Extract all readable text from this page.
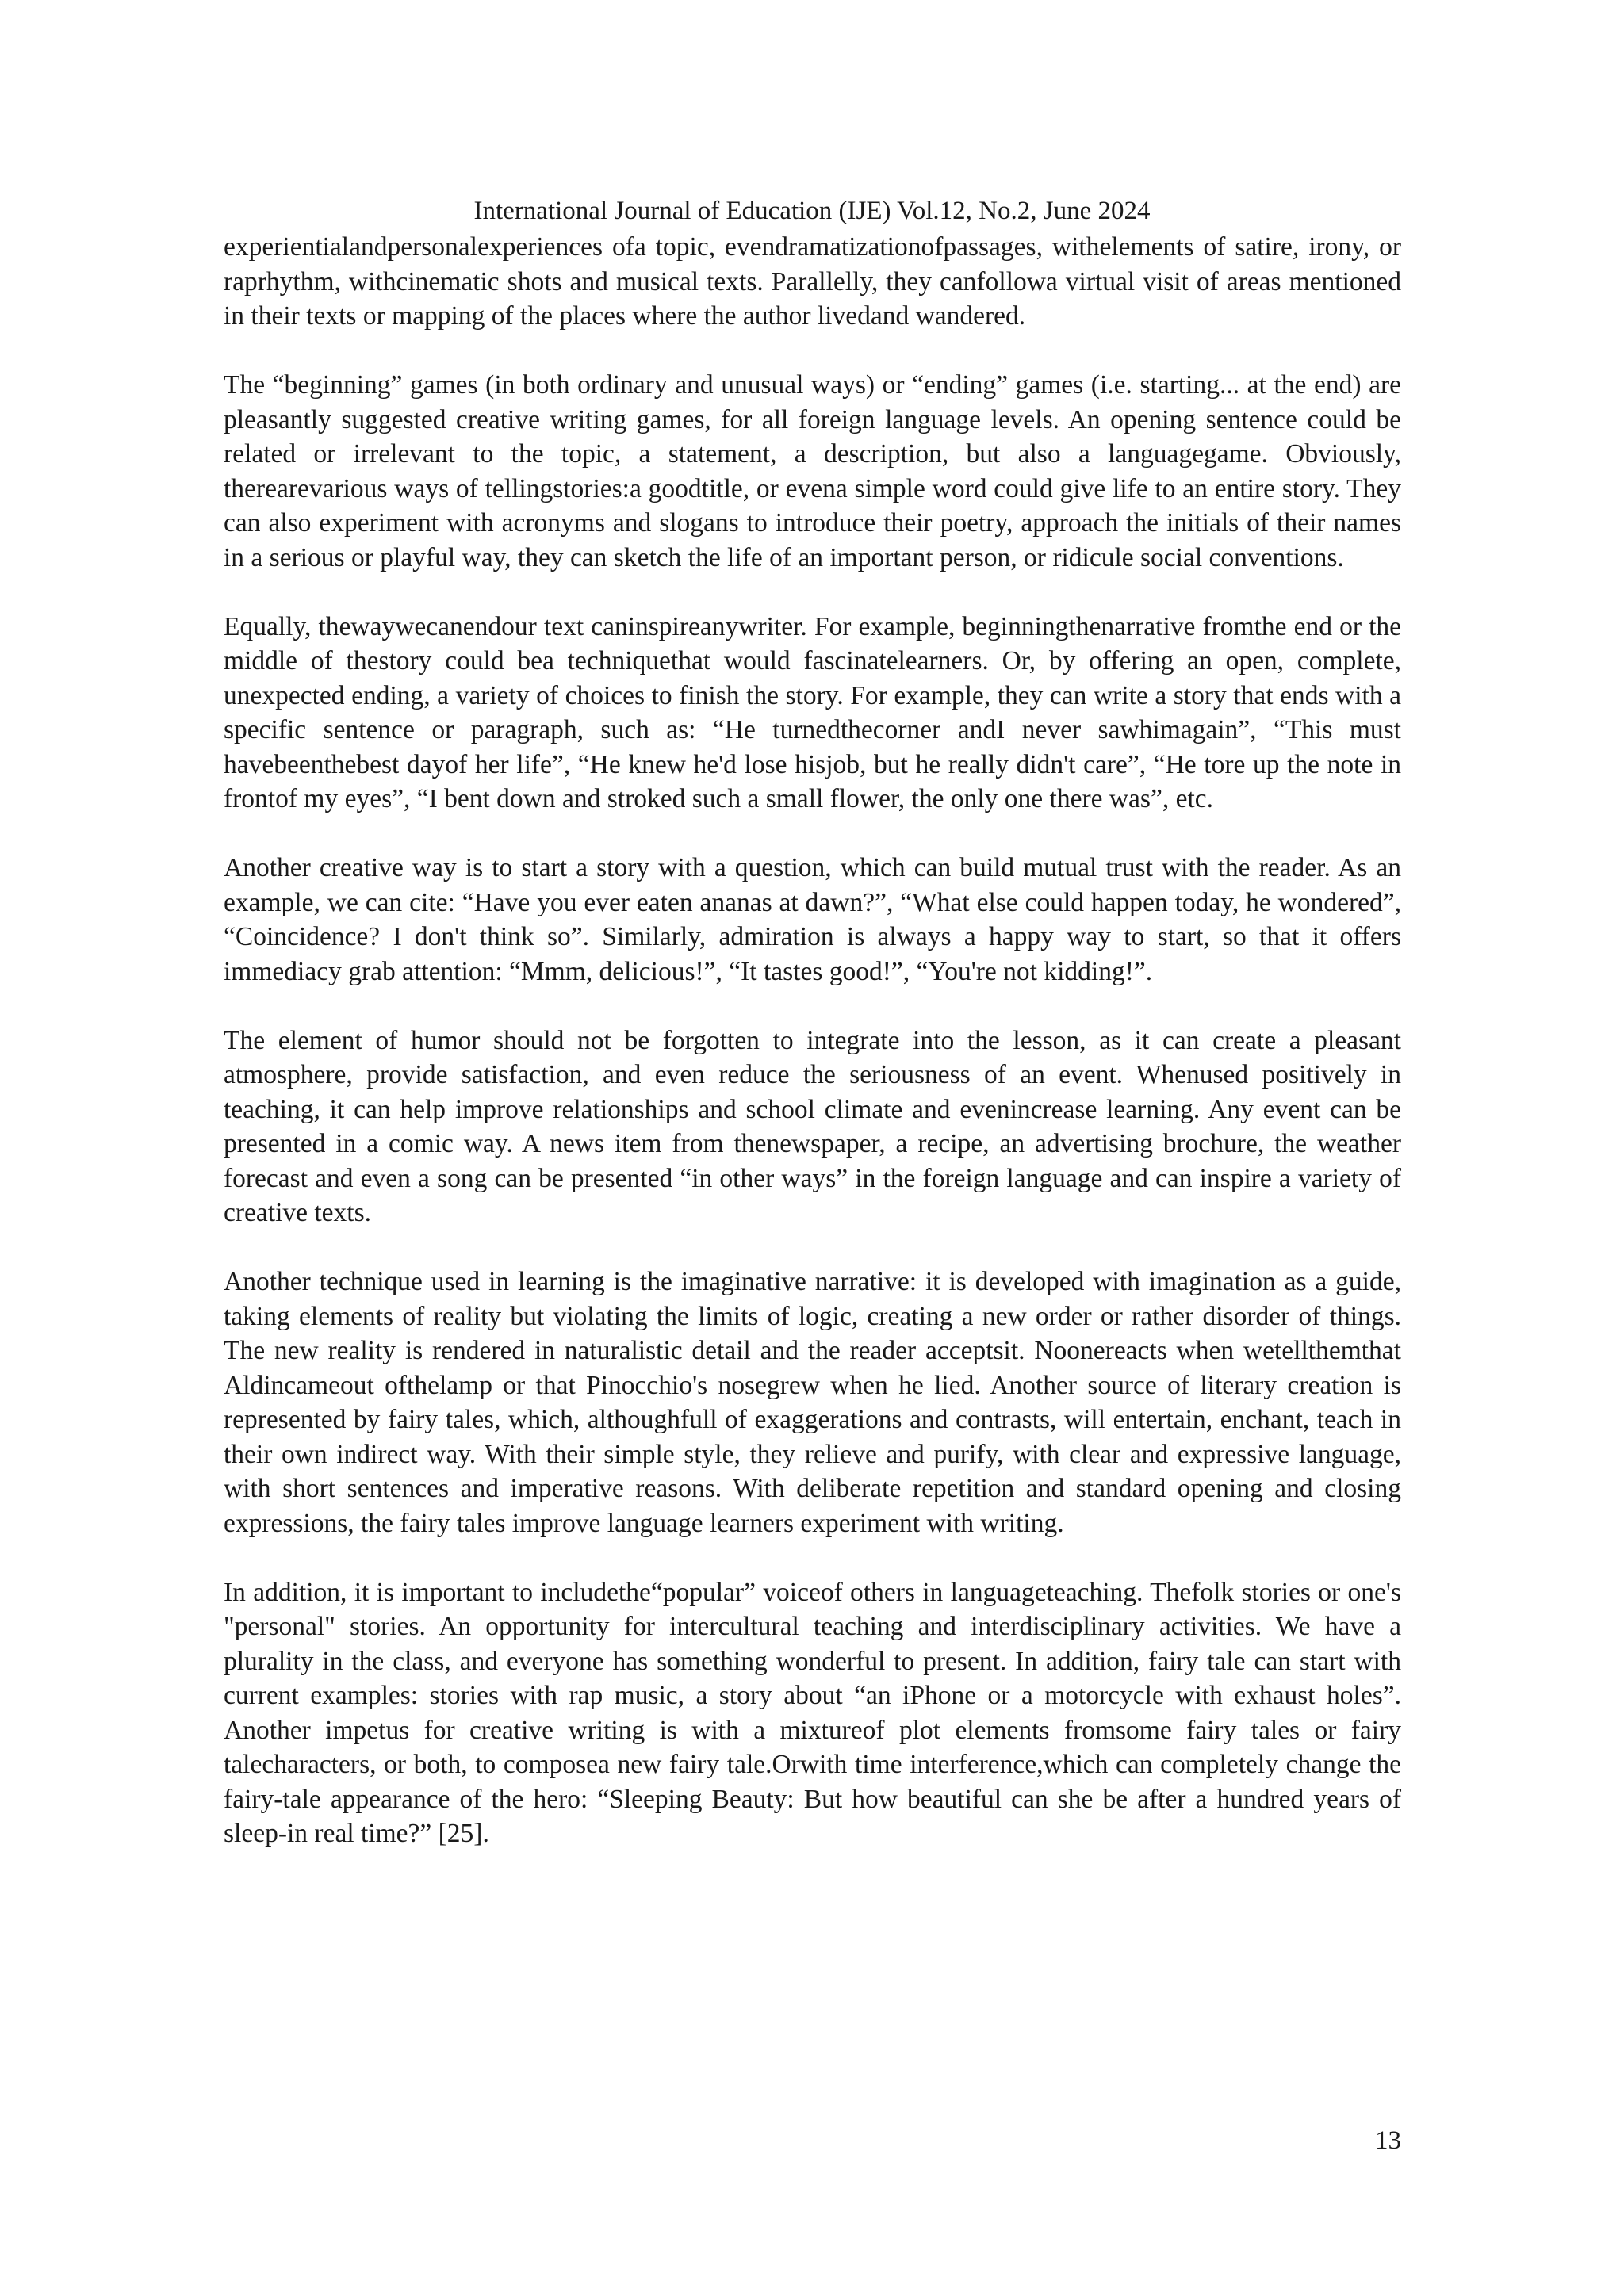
International Journal of Education (IJE) Vol.12, No.2, June 2024

experientialandpersonalexperiences ofa topic, evendramatizationofpassages, withelements of satire, irony, or raprhythm, withcinematic shots and musical texts. Parallelly, they canfollowa virtual visit of areas mentioned in their texts or mapping of the places where the author livedand wandered.

The “beginning” games (in both ordinary and unusual ways) or “ending” games (i.e. starting... at the end) are pleasantly suggested creative writing games, for all foreign language levels. An opening sentence could be related or irrelevant to the topic, a statement, a description, but also a languagegame. Obviously, therearevarious ways of tellingstories:a goodtitle, or evena simple word could give life to an entire story. They can also experiment with acronyms and slogans to introduce their poetry, approach the initials of their names in a serious or playful way, they can sketch the life of an important person, or ridicule social conventions.

Equally, thewaywecanendour text caninspireanywriter. For example, beginningthenarrative fromthe end or the middle of thestory could bea techniquethat would fascinatelearners. Or, by offering an open, complete, unexpected ending, a variety of choices to finish the story. For example, they can write a story that ends with a specific sentence or paragraph, such as: “He turnedthecorner andI never sawhimagain”, “This must havebeenthebest dayof her life”, “He knew he'd lose hisjob, but he really didn't care”, “He tore up the note in frontof my eyes”, “I bent down and stroked such a small flower, the only one there was”, etc.

Another creative way is to start a story with a question, which can build mutual trust with the reader. As an example, we can cite: “Have you ever eaten ananas at dawn?”, “What else could happen today, he wondered”, “Coincidence? I don't think so”. Similarly, admiration is always a happy way to start, so that it offers immediacy grab attention: “Mmm, delicious!”, “It tastes good!”, “You're not kidding!”.

The element of humor should not be forgotten to integrate into the lesson, as it can create a pleasant atmosphere, provide satisfaction, and even reduce the seriousness of an event. Whenused positively in teaching, it can help improve relationships and school climate and evenincrease learning. Any event can be presented in a comic way. A news item from thenewspaper, a recipe, an advertising brochure, the weather forecast and even a song can be presented “in other ways” in the foreign language and can inspire a variety of creative texts.

Another technique used in learning is the imaginative narrative: it is developed with imagination as a guide, taking elements of reality but violating the limits of logic, creating a new order or rather disorder of things. The new reality is rendered in naturalistic detail and the reader acceptsit. Noonereacts when wetellthemthat Aldincameout ofthelamp or that Pinocchio's nosegrew when he lied. Another source of literary creation is represented by fairy tales, which, althoughfull of exaggerations and contrasts, will entertain, enchant, teach in their own indirect way. With their simple style, they relieve and purify, with clear and expressive language, with short sentences and imperative reasons. With deliberate repetition and standard opening and closing expressions, the fairy tales improve language learners experiment with writing.

In addition, it is important to includethe“popular” voiceof others in languageteaching. Thefolk stories or one's "personal" stories. An opportunity for intercultural teaching and interdisciplinary activities. We have a plurality in the class, and everyone has something wonderful to present. In addition, fairy tale can start with current examples: stories with rap music, a story about “an iPhone or a motorcycle with exhaust holes”. Another impetus for creative writing is with a mixtureof plot elements fromsome fairy tales or fairy talecharacters, or both, to composea new fairy tale.Orwith time interference,which can completely change the fairy-tale appearance of the hero: “Sleeping Beauty: But how beautiful can she be after a hundred years of sleep-in real time?” [25].

13
